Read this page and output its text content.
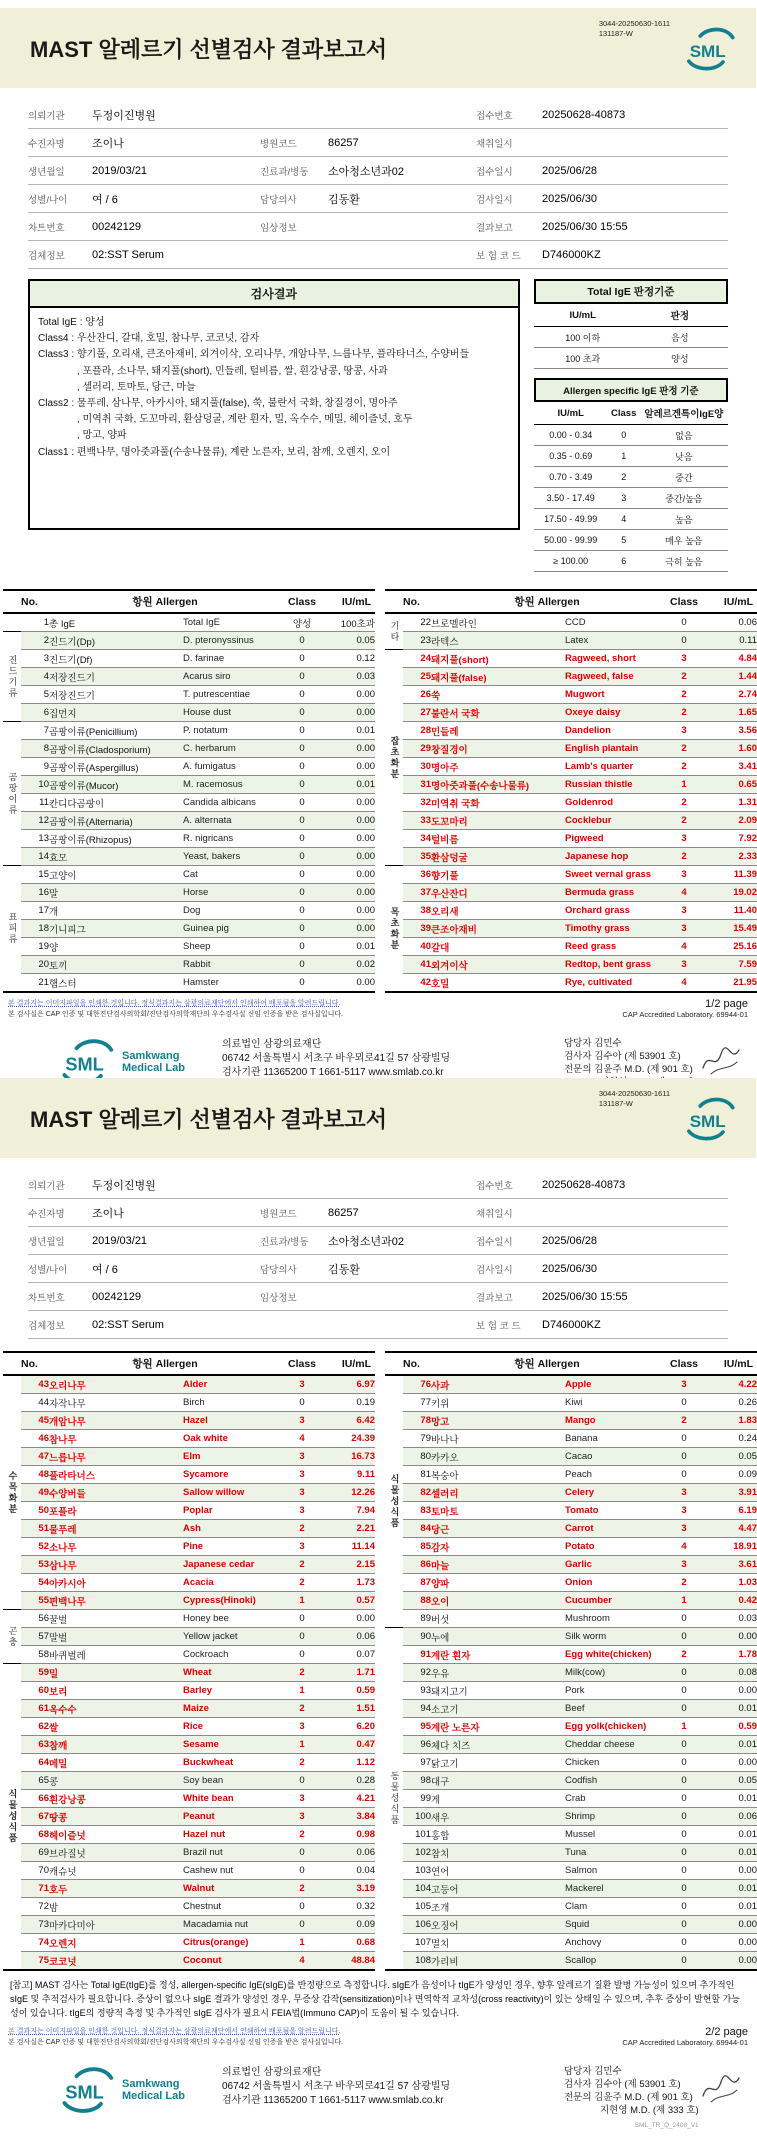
MAST 알레르기 선별검사 결과보고서
3044-20250630-1611
131187-W
SML
의뢰기관	두정이진병원			접수번호	20250628-40873
수진자명	조이나	병원코드	86257	채취일시	
생년월일	2019/03/21	진료과/병동	소아청소년과02	접수일시	2025/06/28
성별/나이	여 / 6	담당의사	김동환	검사일시	2025/06/30
차트번호	00242129	임상정보		결과보고	2025/06/30 15:55
검체정보	02:SST Serum			보 험 코 드	D746000KZ
검사결과
Total IgE : 양성
Class4 : 우산잔디, 갈대, 호밀, 참나무, 코코넛, 감자
Class3 : 향기풀, 오리새, 큰조아재비, 외겨이삭, 오리나무, 개암나무, 느릅나무, 플라타너스, 수양버들
, 포플라, 소나무, 돼지풀(short), 민들레, 털비름, 쌀, 흰강낭콩, 땅콩, 사과
, 셀러리, 토마토, 당근, 마늘
Class2 : 물푸레, 삼나무, 아카시아, 돼지풀(false), 쑥, 불란서 국화, 창질경이, 명아주
, 미역취 국화, 도꼬마리, 환삼덩굴, 계란 흰자, 밀, 옥수수, 메밀, 헤이즐넛, 호두
, 망고, 양파
Class1 : 편백나무, 명아줏과풀(수송나물류), 계란 노른자, 보리, 참깨, 오렌지, 오이
Total IgE 판정기준
IU/mL	판정
100 이하	음성
100 초과	양성
Allergen specific IgE 판정 기준
IU/mL	Class	알레르겐특이IgE양
0.00 - 0.34	0	없음
0.35 - 0.69	1	낮음
0.70 - 3.49	2	중간
3.50 - 17.49	3	중간/높음
17.50 - 49.99	4	높음
50.00 - 99.99	5	매우 높음
≥ 100.00	6	극히 높음
	No.	항원 Allergen		Class	IU/mL
	1	총 IgE	Total IgE	양성	100초과
진드기류	2	진드기(Dp)	D. pteronyssinus	0	0.05
	3	진드기(Df)	D. farinae	0	0.12
	4	저장진드기	Acarus siro	0	0.03
	5	저장진드기	T. putrescentiae	0	0.00
	6	집먼지	House dust	0	0.00
곰팡이류	7	곰팡이류(Penicillium)	P. notatum	0	0.01
	8	곰팡이류(Cladosporium)	C. herbarum	0	0.00
	9	곰팡이류(Aspergillus)	A. fumigatus	0	0.00
	10	곰팡이류(Mucor)	M. racemosus	0	0.01
	11	칸디다곰팡이	Candida albicans	0	0.00
	12	곰팡이류(Alternaria)	A. alternata	0	0.00
	13	곰팡이류(Rhizopus)	R. nigricans	0	0.00
	14	효모	Yeast, bakers	0	0.00
표피류	15	고양이	Cat	0	0.00
	16	말	Horse	0	0.00
	17	개	Dog	0	0.00
	18	기니피그	Guinea pig	0	0.00
	19	양	Sheep	0	0.01
	20	토끼	Rabbit	0	0.02
	21	햄스터	Hamster	0	0.00
	No.	항원 Allergen		Class	IU/mL
기타	22	브로멜라인	CCD	0	0.06
	23	라텍스	Latex	0	0.11
잡초화분	24	돼지풀(short)	Ragweed, short	3	4.84
	25	돼지풀(false)	Ragweed, false	2	1.44
	26	쑥	Mugwort	2	2.74
	27	불란서 국화	Oxeye daisy	2	1.65
	28	민들레	Dandelion	3	3.56
	29	창질경이	English plantain	2	1.60
	30	명아주	Lamb's quarter	2	3.41
	31	명아줏과풀(수송나물류)	Russian thistle	1	0.65
	32	미역취 국화	Goldenrod	2	1.31
	33	도꼬마리	Cocklebur	2	2.09
	34	털비름	Pigweed	3	7.92
	35	환삼덩굴	Japanese hop	2	2.33
목초화분	36	향기풀	Sweet vernal grass	3	11.39
	37	우산잔디	Bermuda grass	4	19.02
	38	오리새	Orchard grass	3	11.40
	39	큰조아재비	Timothy grass	3	15.49
	40	갈대	Reed grass	4	25.16
	41	외겨이삭	Redtop, bent grass	3	7.59
	42	호밀	Rye, cultivated	4	21.95
본 결과지는 이미지파일을 인쇄한 것입니다. 정식결과지는 삼광의료재단에서 인쇄하여 배포됨을 알려드립니다.
본 검사실은 CAP 인증 및 대한진단검사의학회/진단검사의학재단의 우수검사실 신임 인증을 받은 검사실입니다.
1/2 page
CAP Accredited Laboratory. 69944-01
SML Samkwang
Medical Lab
의료법인 삼광의료재단
06742 서울특별시 서초구 바우뫼로41길 57 삼광빌딩
검사기관 11365200 T 1661-5117 www.smlab.co.kr
담당자 김민수
검사자 김수아 (제 53901 호)
전문의 김윤주 M.D. (제 901 호)
MAST 알레르기 선별검사 결과보고서
3044-20250630-1611
131187-W
SML
의뢰기관	두정이진병원			접수번호	20250628-40873
수진자명	조이나	병원코드	86257	채취일시	
생년월일	2019/03/21	진료과/병동	소아청소년과02	접수일시	2025/06/28
성별/나이	여 / 6	담당의사	김동환	검사일시	2025/06/30
차트번호	00242129	임상정보		결과보고	2025/06/30 15:55
검체정보	02:SST Serum			보 험 코 드	D746000KZ
	No.	항원 Allergen		Class	IU/mL
수목화분	43	오리나무	Alder	3	6.97
	44	자작나무	Birch	0	0.19
	45	개암나무	Hazel	3	6.42
	46	참나무	Oak white	4	24.39
	47	느릅나무	Elm	3	16.73
	48	플라타너스	Sycamore	3	9.11
	49	수양버들	Sallow willow	3	12.26
	50	포플라	Poplar	3	7.94
	51	물푸레	Ash	2	2.21
	52	소나무	Pine	3	11.14
	53	삼나무	Japanese cedar	2	2.15
	54	아카시아	Acacia	2	1.73
	55	편백나무	Cypress(Hinoki)	1	0.57
곤충	56	꿀벌	Honey bee	0	0.00
	57	말벌	Yellow jacket	0	0.06
	58	바퀴벌레	Cockroach	0	0.07
식물성식품	59	밀	Wheat	2	1.71
	60	보리	Barley	1	0.59
	61	옥수수	Maize	2	1.51
	62	쌀	Rice	3	6.20
	63	참깨	Sesame	1	0.47
	64	메밀	Buckwheat	2	1.12
	65	콩	Soy bean	0	0.28
	66	흰강낭콩	White bean	3	4.21
	67	땅콩	Peanut	3	3.84
	68	헤이즐넛	Hazel nut	2	0.98
	69	브라질넛	Brazil nut	0	0.06
	70	캐슈넛	Cashew nut	0	0.04
	71	호두	Walnut	2	3.19
	72	밤	Chestnut	0	0.32
	73	마카다미아	Macadamia nut	0	0.09
	74	오렌지	Citrus(orange)	1	0.68
	75	코코넛	Coconut	4	48.84
	No.	항원 Allergen		Class	IU/mL
식물성식품	76	사과	Apple	3	4.22
	77	키위	Kiwi	0	0.26
	78	망고	Mango	2	1.83
	79	바나나	Banana	0	0.24
	80	카카오	Cacao	0	0.05
	81	복숭아	Peach	0	0.09
	82	셀러리	Celery	3	3.91
	83	토마토	Tomato	3	6.19
	84	당근	Carrot	3	4.47
	85	감자	Potato	4	18.91
	86	마늘	Garlic	3	3.61
	87	양파	Onion	2	1.03
	88	오이	Cucumber	1	0.42
	89	버섯	Mushroom	0	0.03
동물성식품	90	누에	Silk worm	0	0.00
	91	계란 흰자	Egg white(chicken)	2	1.78
	92	우유	Milk(cow)	0	0.08
	93	돼지고기	Pork	0	0.00
	94	소고기	Beef	0	0.01
	95	계란 노른자	Egg yolk(chicken)	1	0.59
	96	체다 치즈	Cheddar cheese	0	0.01
	97	닭고기	Chicken	0	0.00
	98	대구	Codfish	0	0.05
	99	게	Crab	0	0.01
	100	새우	Shrimp	0	0.06
	101	홍합	Mussel	0	0.01
	102	참치	Tuna	0	0.01
	103	연어	Salmon	0	0.00
	104	고등어	Mackerel	0	0.01
	105	조개	Clam	0	0.01
	106	오징어	Squid	0	0.00
	107	멸치	Anchovy	0	0.00
	108	가리비	Scallop	0	0.00
[참고] MAST 검사는 Total IgE(tIgE)를 정성, allergen-specific IgE(sIgE)를 반정량으로 측정합니다. sIgE가 음성이나 tIgE가 양성인 경우, 향후 알레르기 질환 발병 가능성이 있으며 추가적인 sIgE 및 추적검사가 필요합니다. 증상이 없으나 sIgE 결과가 양성인 경우, 무증상 감작(sensitization)이나 면역학적 교차성(cross reactivity)이 있는 상태일 수 있으며, 추후 증상이 발현할 가능성이 있습니다. tIgE의 정량적 측정 및 추가적인 sIgE 검사가 필요시 FEIA법(Immuno CAP)이 도움이 될 수 있습니다.
본 결과지는 이미지파일을 인쇄한 것입니다. 정식결과지는 삼광의료재단에서 인쇄하여 배포됨을 알려드립니다.
본 검사실은 CAP 인증 및 대한진단검사의학회/진단검사의학재단의 우수검사실 신임 인증을 받은 검사실입니다.
2/2 page
CAP Accredited Laboratory. 69944-01
SML Samkwang
Medical Lab
의료법인 삼광의료재단
06742 서울특별시 서초구 바우뫼로41길 57 삼광빌딩
검사기관 11365200 T 1661-5117 www.smlab.co.kr
담당자 김민수
검사자 김수아 (제 53901 호)
전문의 김윤주 M.D. (제 901 호)
지현영 M.D. (제 333 호)
SML_TR_Q_2408_V1
